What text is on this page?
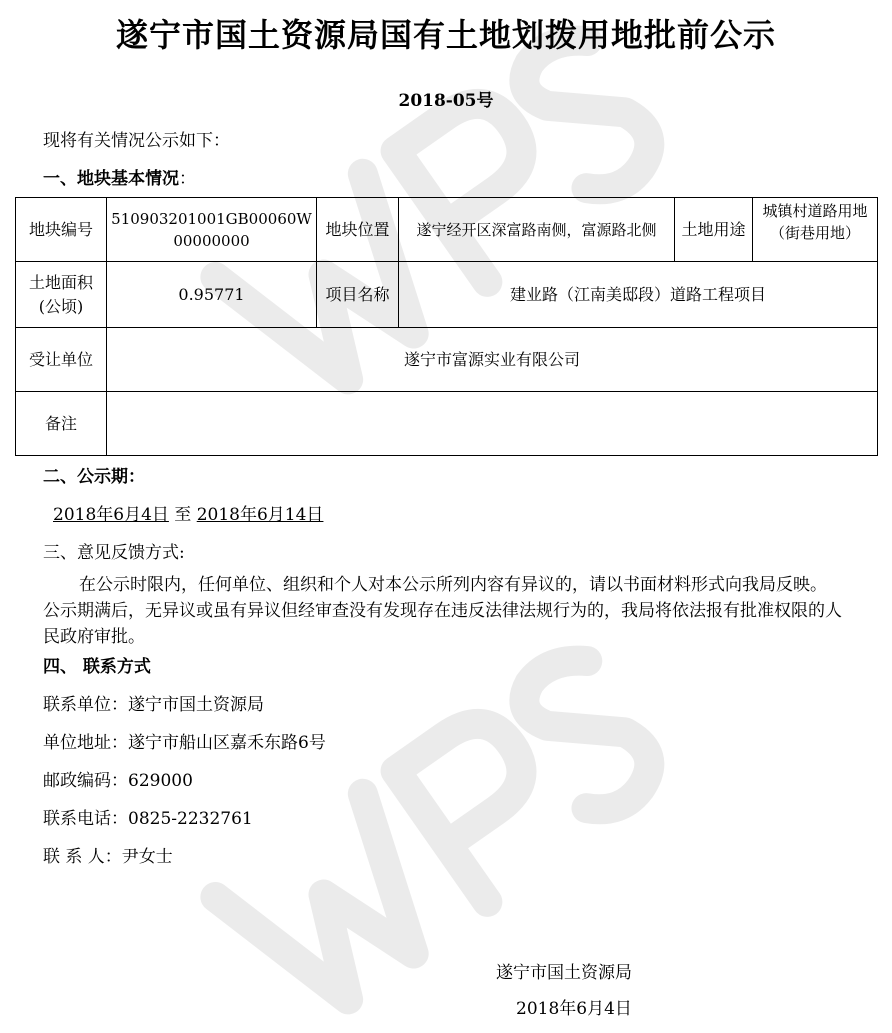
遂宁市国土资源局国有土地划拨用地批前公示
2018-05号
现将有关情况公示如下：
一、地块基本情况：
地块编号	510903201001GB00060W00000000	地块位置	遂宁经开区深富路南侧，富源路北侧	土地用途	城镇村道路用地（街巷用地）
土地面积(公顷)	0.95771	项目名称	建业路（江南美邸段）道路工程项目		
受让单位	遂宁市富源实业有限公司				
备注					
二、公示期：
2018年6月4日 至 2018年6月14日
三、意见反馈方式:
在公示时限内，任何单位、组织和个人对本公示所列内容有异议的，请以书面材料形式向我局反映。公示期满后，无异议或虽有异议但经审查没有发现存在违反法律法规行为的，我局将依法报有批准权限的人民政府审批。
四、 联系方式
联系单位：遂宁市国土资源局
单位地址：遂宁市船山区嘉禾东路6号
邮政编码：629000
联系电话：0825-2232761
联 系 人：尹女士
遂宁市国土资源局
2018年6月4日
